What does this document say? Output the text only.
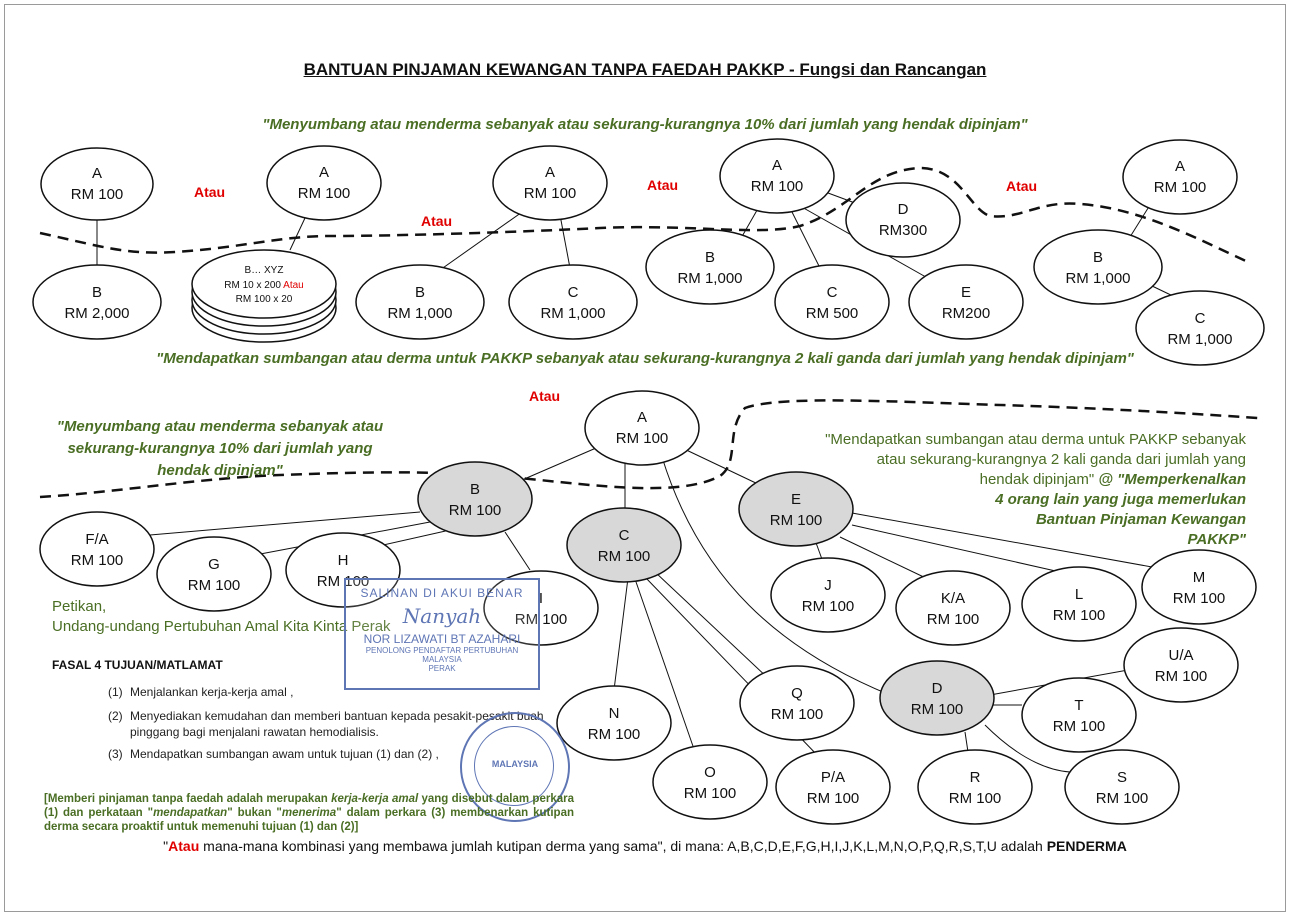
A
RM 100
B
RM 2,000
A
RM 100
A
RM 100
B
RM 1,000
C
RM 1,000
A
RM 100
B
RM 1,000
C
RM 500
D
RM300
E
RM200
A
RM 100
B
RM 1,000
C
RM 1,000
B… XYZ
RM 10 x 200 Atau
RM 100 x 20
A
RM 100
B
RM 100
C
RM 100
D
RM 100
E
RM 100
F/A
RM 100	G
RM 100
H
RM 100
I
RM 100
J
RM 100	K/A
RM 100
L
RM 100
M
RM 100
N
RM 100
O
RM 100
P/A
RM 100
Q
RM 100
R
RM 100
S
RM 100
T
RM 100
U/A
RM 100
BANTUAN PINJAMAN KEWANGAN TANPA FAEDAH PAKKP - Fungsi dan Rancangan
"Menyumbang atau menderma sebanyak atau sekurang-kurangnya 10% dari jumlah yang hendak dipinjam"
"Mendapatkan sumbangan atau derma untuk PAKKP sebanyak atau sekurang-kurangnya 2 kali ganda dari jumlah yang hendak dipinjam"
Atau
Atau
Atau	Atau
Atau
"Menyumbang atau menderma sebanyak atau
sekurang-kurangnya 10% dari jumlah yang
hendak dipinjam"
"Mendapatkan sumbangan atau derma untuk PAKKP sebanyak
atau sekurang-kurangnya 2 kali ganda dari jumlah yang
hendak dipinjam" @ "Memperkenalkan
4 orang lain yang juga memerlukan
Bantuan Pinjaman Kewangan
PAKKP"
Petikan,
Undang-undang Pertubuhan Amal Kita Kinta Perak
FASAL 4 TUJUAN/MATLAMAT
(1) Menjalankan kerja-kerja amal ,
(2) Menyediakan kemudahan dan memberi bantuan kepada pesakit-pesakit buah pinggang bagi menjalani rawatan hemodialisis.
(3) Mendapatkan sumbangan awam untuk tujuan (1) dan (2) ,
SALINAN DI AKUI BENAR
Nanyah
NOR LIZAWATI BT AZAHARI
PENOLONG PENDAFTAR PERTUBUHAN MALAYSIA
PERAK
MALAYSIA
[Memberi pinjaman tanpa faedah adalah merupakan kerja-kerja amal yang disebut dalam perkara (1) dan perkataan "mendapatkan" bukan "menerima" dalam perkara (3) membenarkan kutipan derma secara proaktif untuk memenuhi tujuan (1) dan (2)]
"Atau mana-mana kombinasi yang membawa jumlah kutipan derma yang sama", di mana: A,B,C,D,E,F,G,H,I,J,K,L,M,N,O,P,Q,R,S,T,U adalah PENDERMA
